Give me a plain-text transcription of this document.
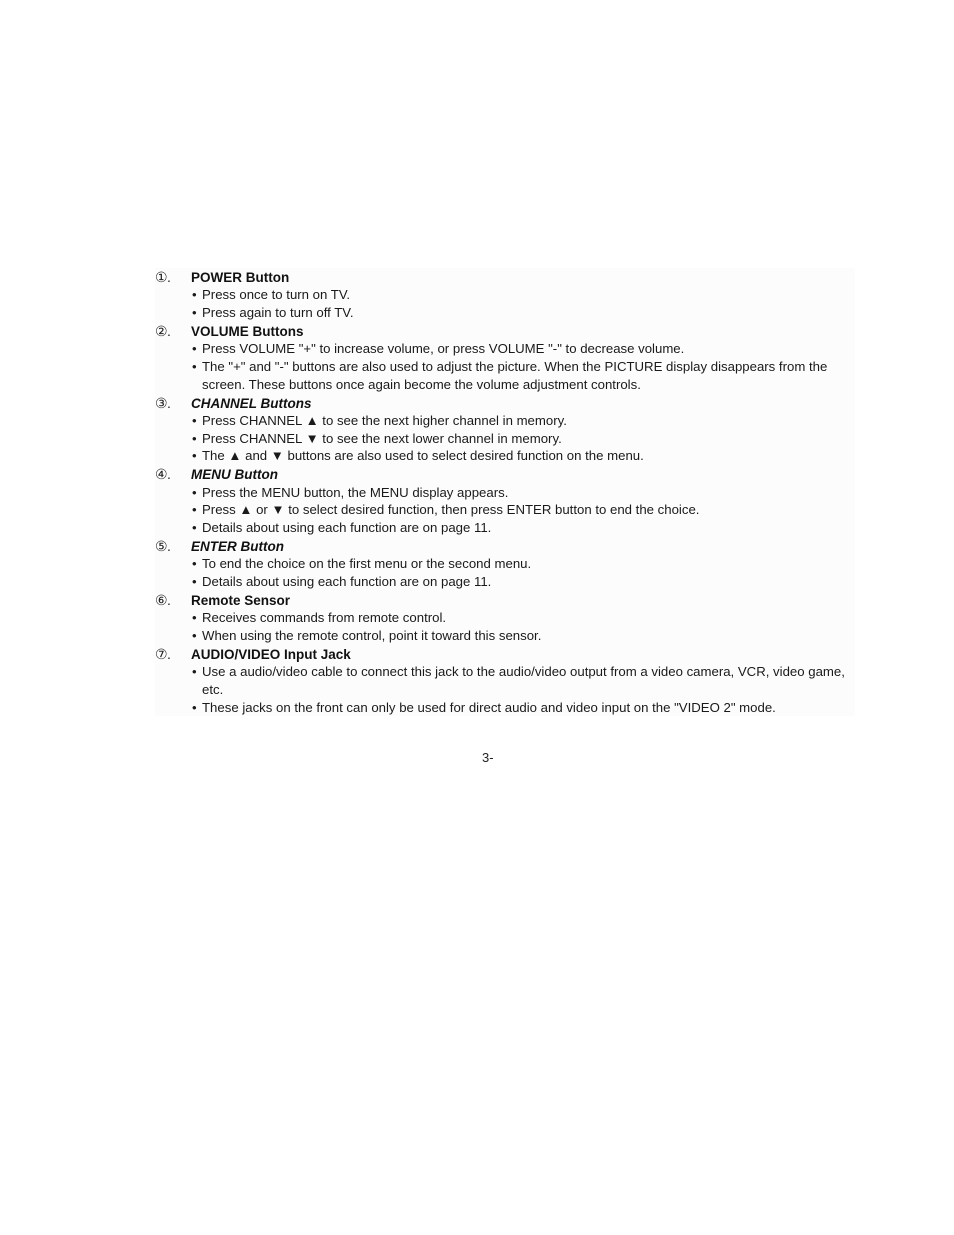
①.	POWER Button
• Press once to turn on TV.
• Press again to turn off TV.
②.	VOLUME Buttons
• Press VOLUME "+" to increase volume, or press VOLUME "-" to decrease volume.
• The "+" and "-" buttons are also used to adjust the picture. When the PICTURE display disappears from the screen. These buttons once again become the volume adjustment controls.
③.	CHANNEL Buttons
• Press CHANNEL ▲ to see the next higher channel in memory.
• Press CHANNEL ▼ to see the next lower channel in memory.
• The ▲ and ▼ buttons are also used to select desired function on the menu.
④.	MENU Button
• Press the MENU button, the MENU display appears.
• Press ▲ or ▼ to select desired function, then press ENTER button to end the choice.
• Details about using each function are on page 11.
⑤.	ENTER Button
• To end the choice on the first menu or the second menu.
• Details about using each function are on page 11.
⑥.	Remote Sensor
• Receives commands from remote control.
• When using the remote control, point it toward this sensor.
⑦.	AUDIO/VIDEO Input Jack
• Use a audio/video cable to connect this jack to the audio/video output from a video camera, VCR, video game, etc.
• These jacks on the front can only be used for direct audio and video input on the "VIDEO 2" mode.
3-
